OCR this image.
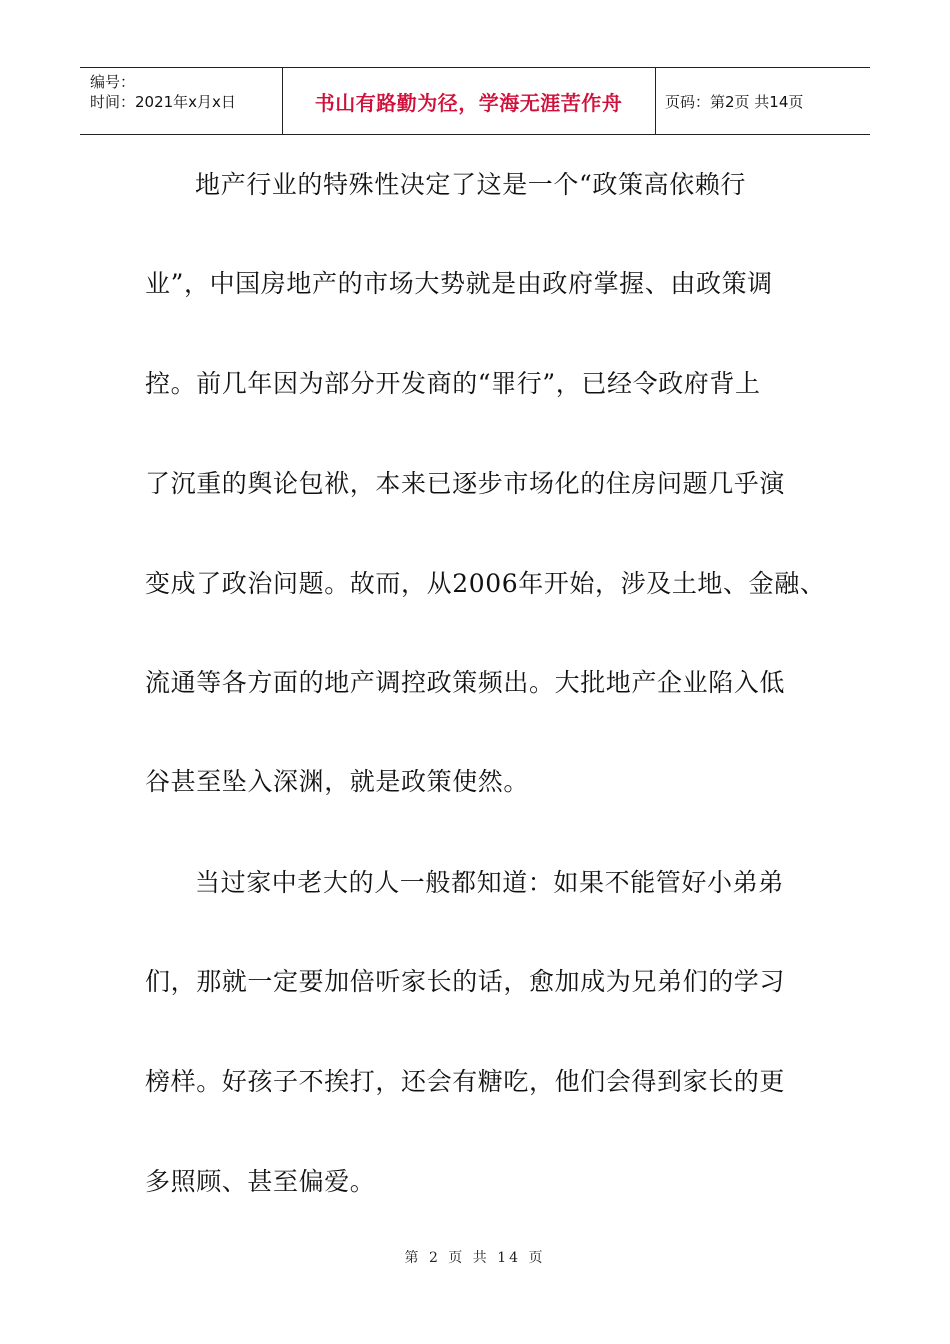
编号：
时间：2021年x月x日	书山有路勤为径，学海无涯苦作舟	页码：第2页 共14页
地产行业的特殊性决定了这是一个“政策高依赖行
业”，中国房地产的市场大势就是由政府掌握、由政策调
控。前几年因为部分开发商的“罪行”，已经令政府背上
了沉重的舆论包袱，本来已逐步市场化的住房问题几乎演
变成了政治问题。故而，从2006年开始，涉及土地、金融、
流通等各方面的地产调控政策频出。大批地产企业陷入低
谷甚至坠入深渊，就是政策使然。
当过家中老大的人一般都知道：如果不能管好小弟弟
们，那就一定要加倍听家长的话，愈加成为兄弟们的学习
榜样。好孩子不挨打，还会有糖吃，他们会得到家长的更
多照顾、甚至偏爱。
第 2 页 共 14 页
